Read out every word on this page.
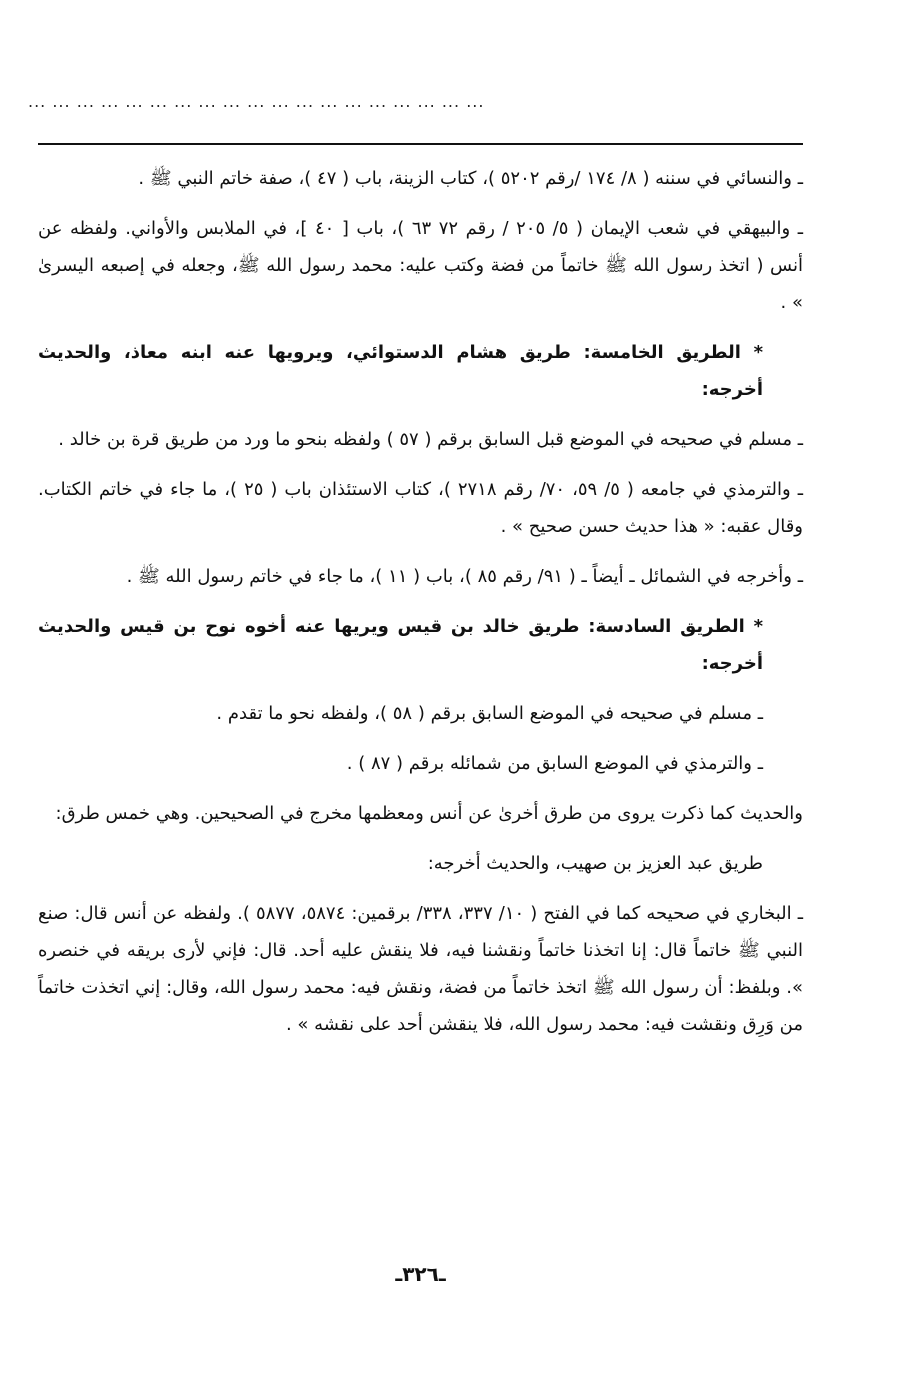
... ... ... ... ... ... ... ... ... ... ... ... ... ... ... ... ... ... ...

ـ والنسائي في سننه ( ٨/ ١٧٤ /رقم ٥٢٠٢ )، كتاب الزينة، باب ( ٤٧ )، صفة خاتم النبي ﷺ .

ـ والبيهقي في شعب الإيمان ( ٥/ ٢٠٥ / رقم ٧٢ ٦٣ )، باب [ ٤٠ ]، في الملابس والأواني. ولفظه عن أنس ( اتخذ رسول الله ﷺ خاتماً من فضة وكتب عليه: محمد رسول الله ﷺ، وجعله في إصبعه اليسرىٰ » .

* الطريق الخامسة: طريق هشام الدستوائي، ويرويها عنه ابنه معاذ، والحديث أخرجه:

ـ مسلم في صحيحه في الموضع قبل السابق برقم ( ٥٧ ) ولفظه بنحو ما ورد من طريق قرة بن خالد .

ـ والترمذي في جامعه ( ٥/ ٥٩، ٧٠/ رقم ٢٧١٨ )، كتاب الاستئذان باب ( ٢٥ )، ما جاء في خاتم الكتاب. وقال عقبه: « هذا حديث حسن صحيح » .

ـ وأخرجه في الشمائل ـ أيضاً ـ ( ٩١/ رقم ٨٥ )، باب ( ١١ )، ما جاء في خاتم رسول الله ﷺ .

* الطريق السادسة: طريق خالد بن قيس ويريها عنه أخوه نوح بن قيس والحديث أخرجه:

ـ مسلم في صحيحه في الموضع السابق برقم ( ٥٨ )، ولفظه نحو ما تقدم .

ـ والترمذي في الموضع السابق من شمائله برقم ( ٨٧ ) .

والحديث كما ذكرت يروى من طرق أخرىٰ عن أنس ومعظمها مخرج في الصحيحين. وهي خمس طرق:

طريق عبد العزيز بن صهيب، والحديث أخرجه:

ـ البخاري في صحيحه كما في الفتح ( ١٠/ ٣٣٧، ٣٣٨/ برقمين: ٥٨٧٤، ٥٨٧٧ ). ولفظه عن أنس قال: صنع النبي ﷺ خاتماً قال: إنا اتخذنا خاتماً ونقشنا فيه، فلا ينقش عليه أحد. قال: فإني لأرى بريقه في خنصره ». وبلفظ: أن رسول الله ﷺ اتخذ خاتماً من فضة، ونقش فيه: محمد رسول الله، وقال: إني اتخذت خاتماً من وَرِق ونقشت فيه: محمد رسول الله، فلا ينقشن أحد على نقشه » .

ـ٣٢٦ـ
